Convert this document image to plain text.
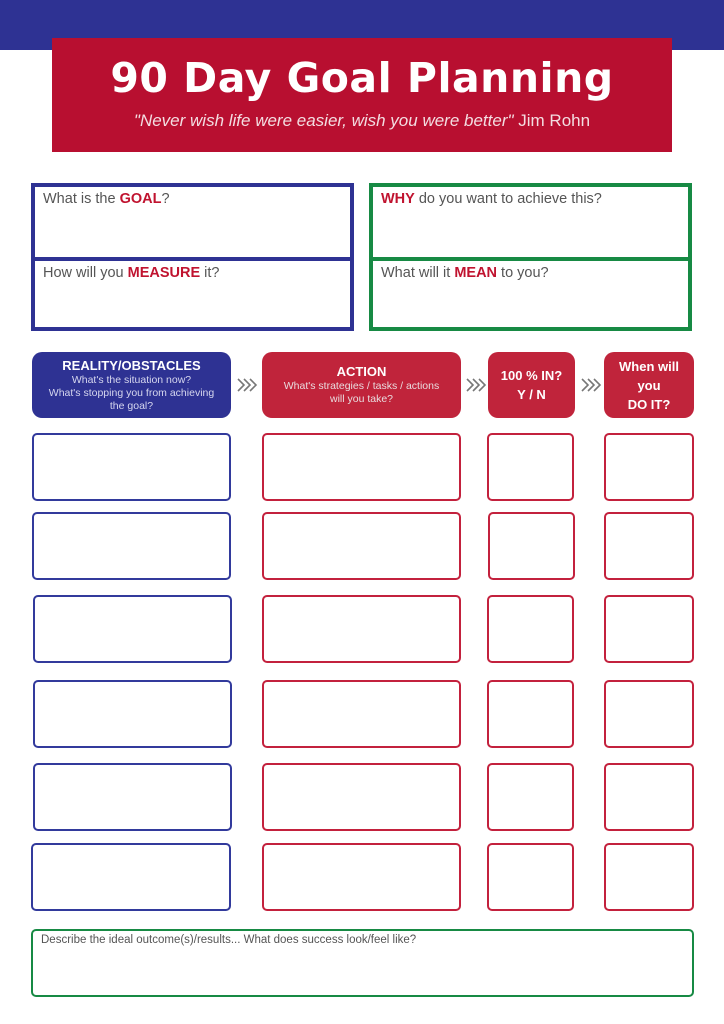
90 Day Goal Planning
"Never wish life were easier, wish you were better" Jim Rohn
What is the GOAL?
How will you MEASURE it?
WHY do you want to achieve this?
What will it MEAN to you?
REALITY/OBSTACLES
What's the situation now?
What's stopping you from achieving
the goal?
ACTION
What's strategies / tasks / actions
will you take?
100 % IN?
Y / N
When will
you
DO IT?
Describe the ideal outcome(s)/results... What does success look/feel like?
